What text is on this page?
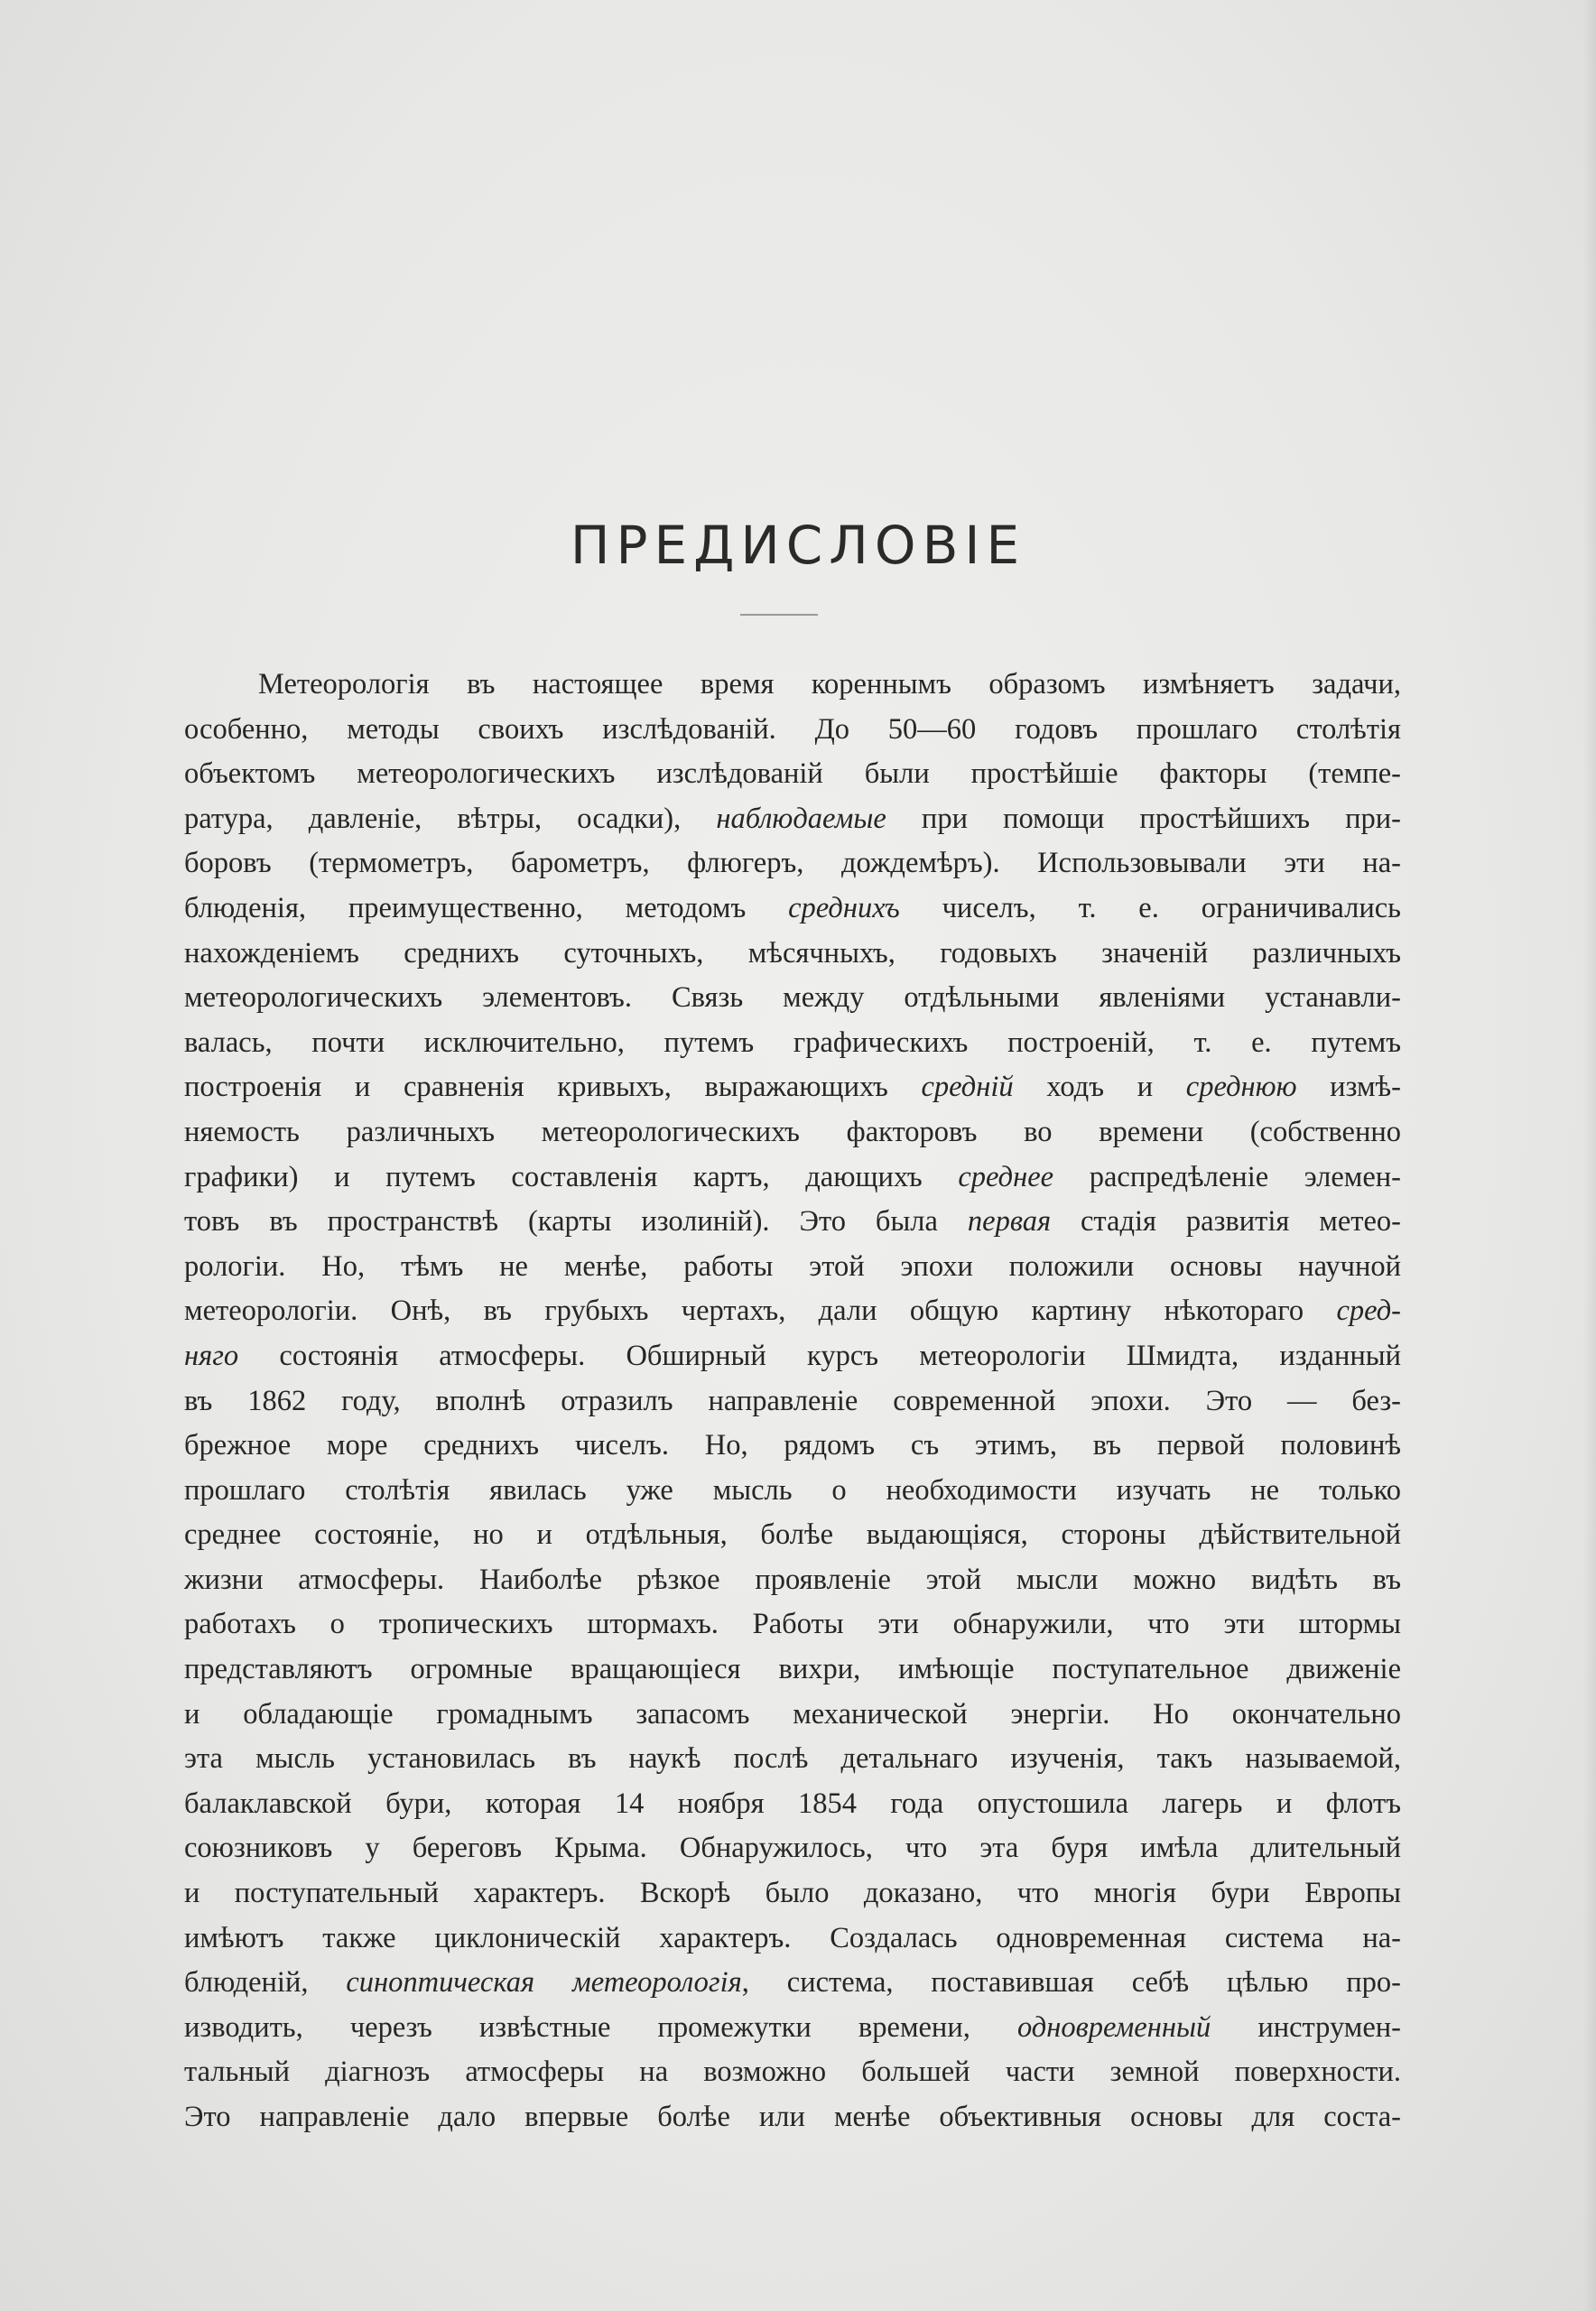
ПРЕДИСЛОВІЕ
Метеорологія въ настоящее время кореннымъ образомъ измѣняетъ задачи,
особенно, методы своихъ изслѣдованій. До 50—60 годовъ прошлаго столѣтія
объектомъ метеорологическихъ изслѣдованій были простѣйшіе факторы (темпе-
ратура, давленіе, вѣтры, осадки), наблюдаемые при помощи простѣйшихъ при-
боровъ (термометръ, барометръ, флюгеръ, дождемѣръ). Использовывали эти на-
блюденія, преимущественно, методомъ среднихъ чиселъ, т. е. ограничивались
нахожденіемъ среднихъ суточныхъ, мѣсячныхъ, годовыхъ значеній различныхъ
метеорологическихъ элементовъ. Связь между отдѣльными явленіями устанавли-
валась, почти исключительно, путемъ графическихъ построеній, т. е. путемъ
построенія и сравненія кривыхъ, выражающихъ средній ходъ и среднюю измѣ-
няемость различныхъ метеорологическихъ факторовъ во времени (собственно
графики) и путемъ составленія картъ, дающихъ среднее распредѣленіе элемен-
товъ въ пространствѣ (карты изолиній). Это была первая стадія развитія метео-
рологіи. Но, тѣмъ не менѣе, работы этой эпохи положили основы научной
метеорологіи. Онѣ, въ грубыхъ чертахъ, дали общую картину нѣкотораго сред-
няго состоянія атмосферы. Обширный курсъ метеорологіи Шмидта, изданный
въ 1862 году, вполнѣ отразилъ направленіе современной эпохи. Это — без-
брежное море среднихъ чиселъ. Но, рядомъ съ этимъ, въ первой половинѣ
прошлаго столѣтія явилась уже мысль о необходимости изучать не только
среднее состояніе, но и отдѣльныя, болѣе выдающіяся, стороны дѣйствительной
жизни атмосферы. Наиболѣе рѣзкое проявленіе этой мысли можно видѣть въ
работахъ о тропическихъ штормахъ. Работы эти обнаружили, что эти штормы
представляютъ огромные вращающіеся вихри, имѣющіе поступательное движеніе
и обладающіе громаднымъ запасомъ механической энергіи. Но окончательно
эта мысль установилась въ наукѣ послѣ детальнаго изученія, такъ называемой,
балаклавской бури, которая 14 ноября 1854 года опустошила лагерь и флотъ
союзниковъ у береговъ Крыма. Обнаружилось, что эта буря имѣла длительный
и поступательный характеръ. Вскорѣ было доказано, что многія бури Европы
имѣютъ также циклоническій характеръ. Создалась одновременная система на-
блюденій, синоптическая метеорологія, система, поставившая себѣ цѣлью про-
изводить, черезъ извѣстные промежутки времени, одновременный инструмен-
тальный діагнозъ атмосферы на возможно большей части земной поверхности.
Это направленіе дало впервые болѣе или менѣе объективныя основы для соста-
